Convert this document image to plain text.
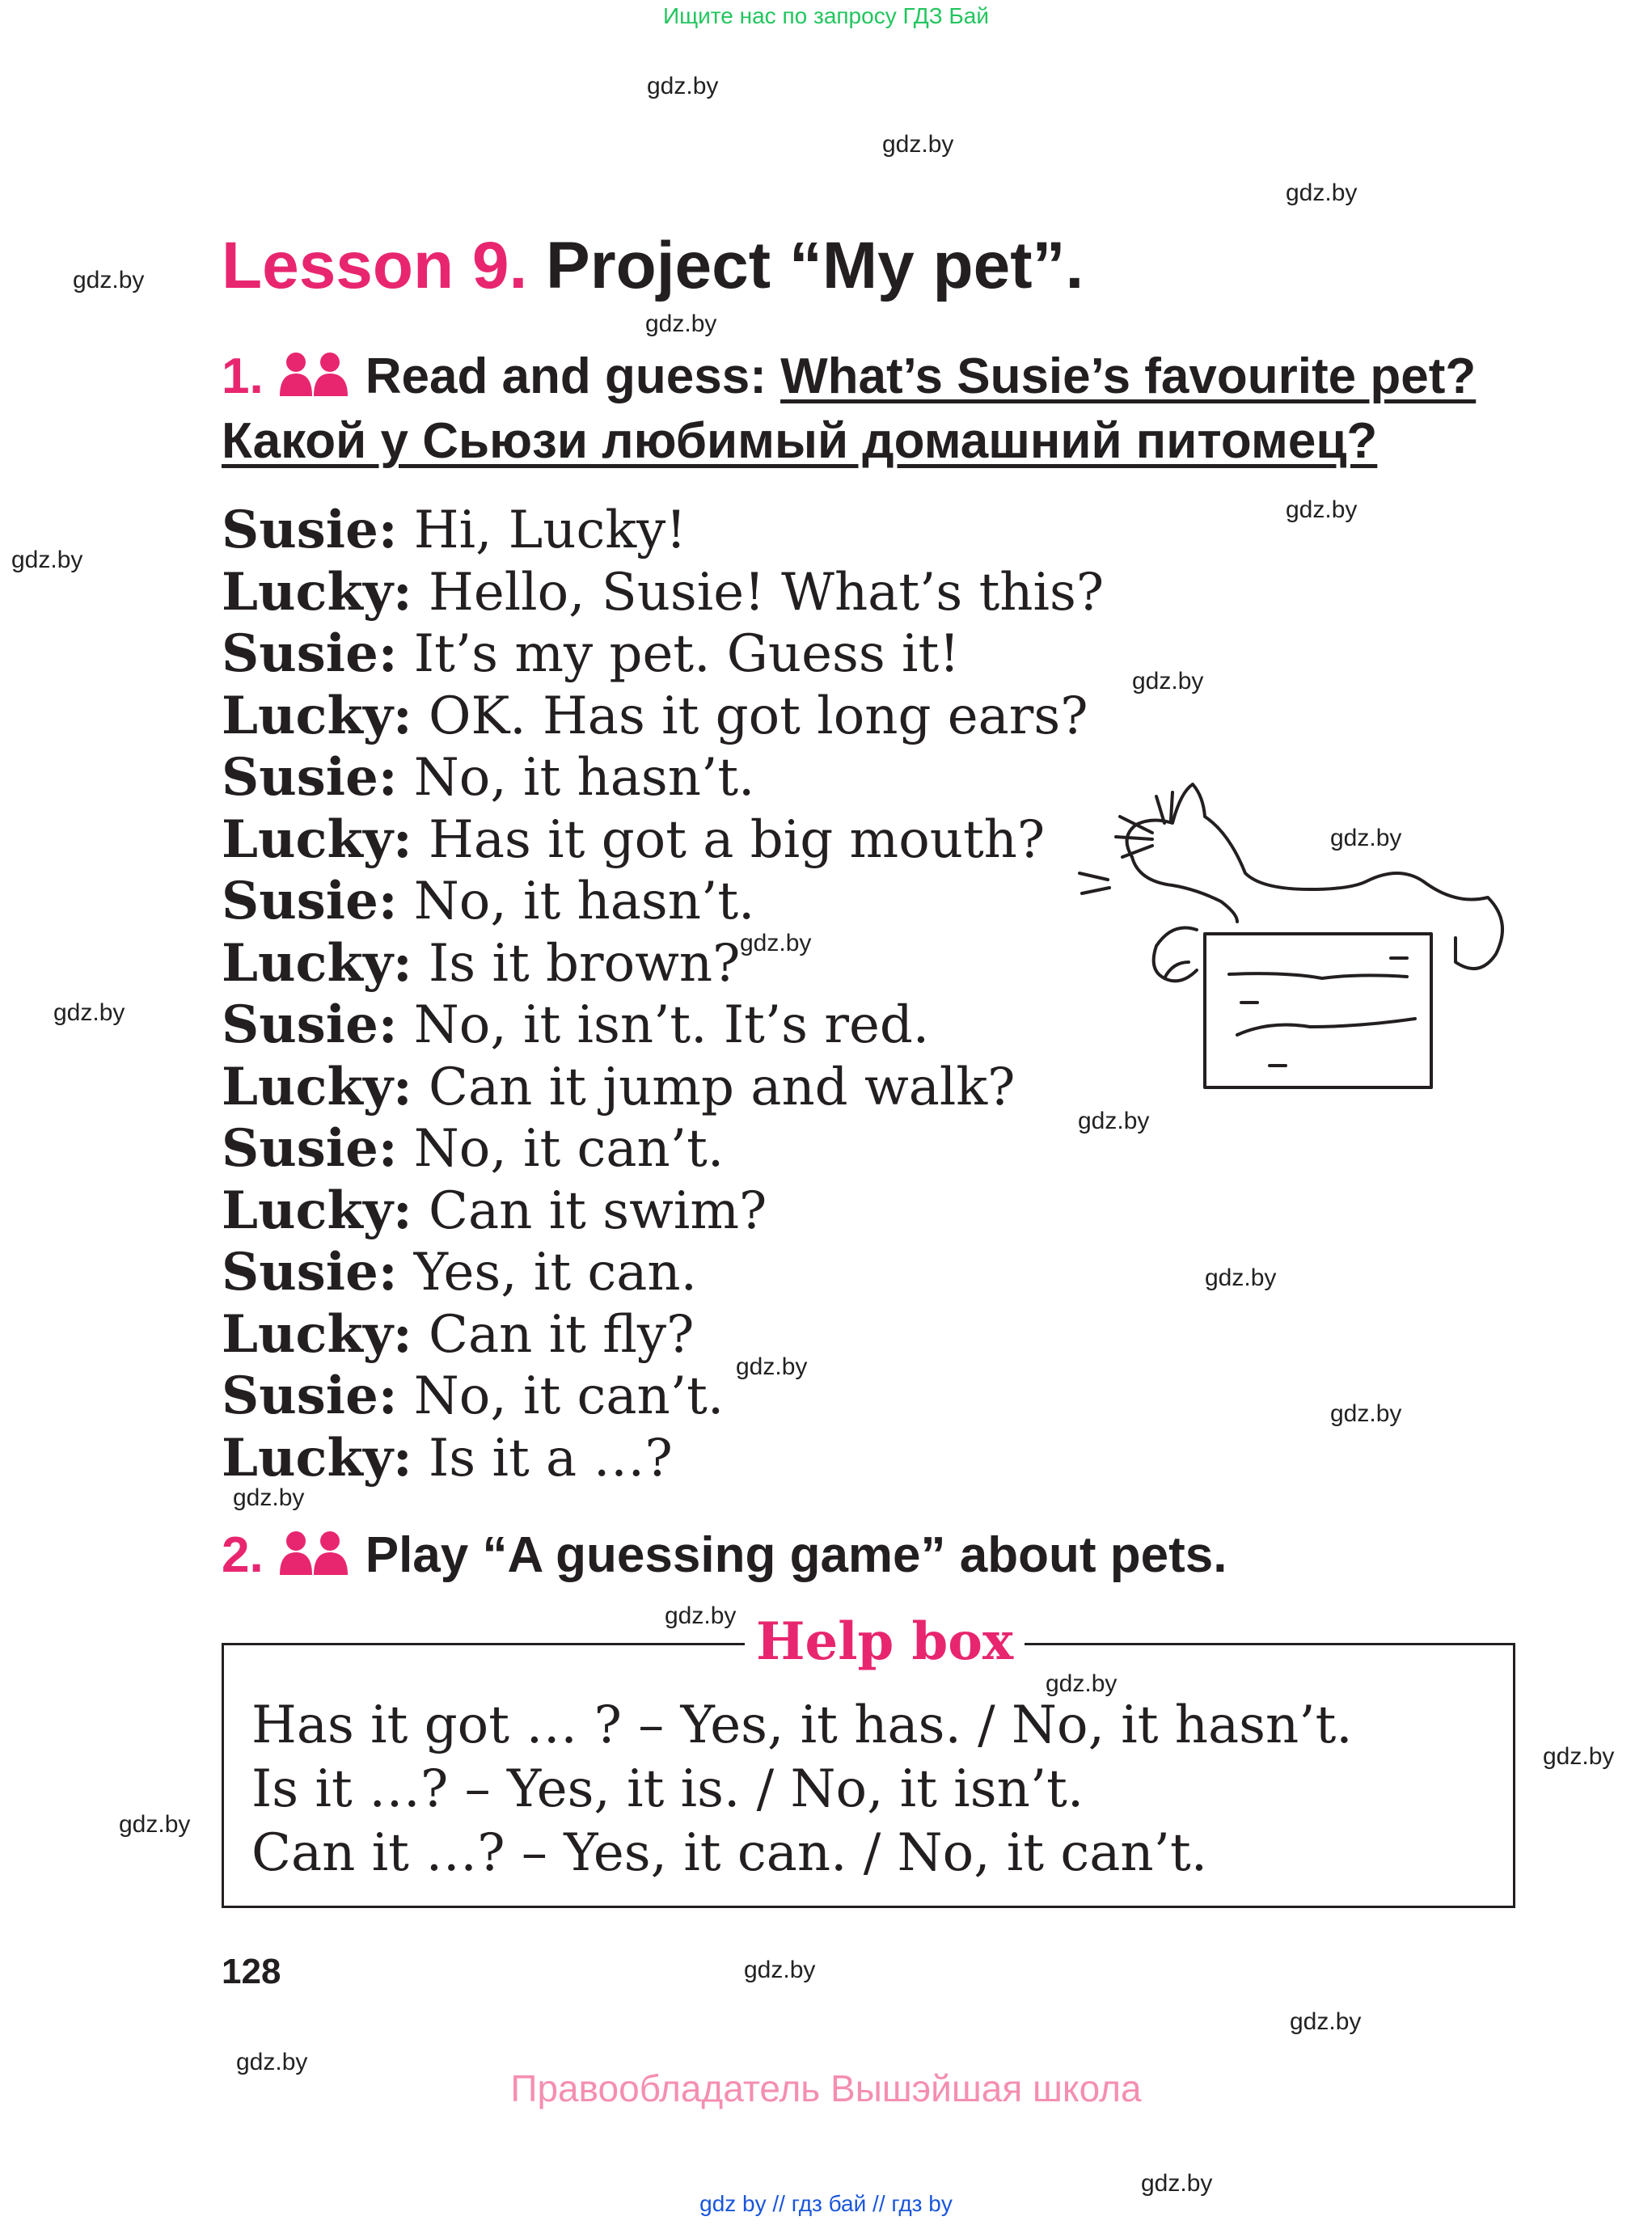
Ищите нас по запросу ГДЗ Бай
gdz.by
gdz.by
gdz.by
gdz.by
gdz.by
gdz.by
gdz.by
gdz.by
gdz.by
gdz.by
gdz.by
gdz.by
gdz.by
gdz.by
gdz.by
gdz.by
gdz.by
gdz.by
gdz.by
gdz.by
gdz.by
gdz.by
gdz.by
gdz.by
Lesson 9. Project “My pet”.
1. Read and guess: What’s Susie’s favourite pet?
Какой у Сьюзи любимый домашний питомец?
Susie: Hi, Lucky!
Lucky: Hello, Susie! What’s this?
Susie: It’s my pet. Guess it!
Lucky: OK. Has it got long ears?
Susie: No, it hasn’t.
Lucky: Has it got a big mouth?
Susie: No, it hasn’t.
Lucky: Is it brown?
Susie: No, it isn’t. It’s red.
Lucky: Can it jump and walk?
Susie: No, it can’t.
Lucky: Can it swim?
Susie: Yes, it can.
Lucky: Can it fly?
Susie: No, it can’t.
Lucky: Is it a …?
2. Play “A guessing game” about pets.
Help box
Has it got … ? – Yes, it has. / No, it hasn’t.
Is it …? – Yes, it is. / No, it isn’t.
Can it …? – Yes, it can. / No, it can’t.
128
Правообладатель Вышэйшая школа
gdz by // гдз бай // гдз by
